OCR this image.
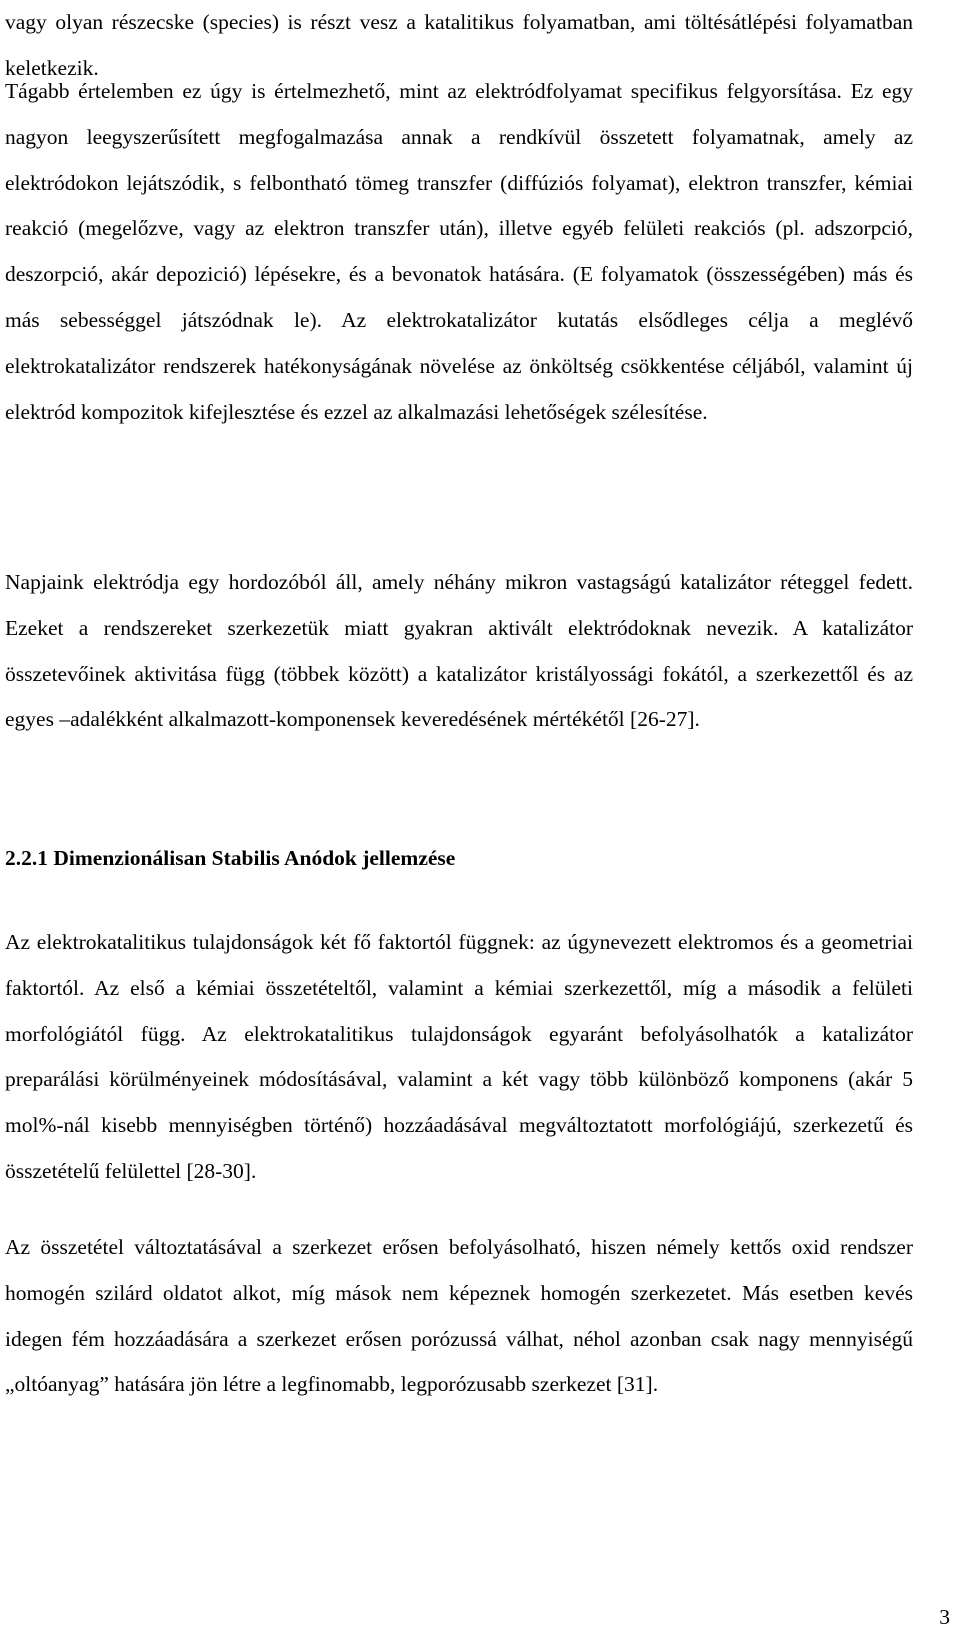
vagy olyan részecske (species) is részt vesz a katalitikus folyamatban, ami töltésátlépési folyamatban keletkezik.

Tágabb értelemben ez úgy is értelmezhető, mint az elektródfolyamat specifikus felgyorsítása. Ez egy nagyon leegyszerűsített megfogalmazása annak a rendkívül összetett folyamatnak, amely az elektródokon lejátszódik, s felbontható tömeg transzfer (diffúziós folyamat), elektron transzfer, kémiai reakció (megelőzve, vagy az elektron transzfer után), illetve egyéb felületi reakciós (pl. adszorpció, deszorpció, akár depozició) lépésekre, és a bevonatok hatására. (E folyamatok (összességében) más és más sebességgel játszódnak le). Az elektrokatalizátor kutatás elsődleges célja a meglévő elektrokatalizátor rendszerek hatékonyságának növelése az önköltség csökkentése céljából, valamint új elektród kompozitok kifejlesztése és ezzel az alkalmazási lehetőségek szélesítése.

Napjaink elektródja egy hordozóból áll, amely néhány mikron vastagságú katalizátor réteggel fedett. Ezeket a rendszereket szerkezetük miatt gyakran aktivált elektródoknak nevezik. A katalizátor összetevőinek aktivitása függ (többek között) a katalizátor kristályossági fokától, a szerkezettől és az egyes –adalékként alkalmazott-komponensek keveredésének mértékétől [26-27].

2.2.1 Dimenzionálisan Stabilis Anódok jellemzése

Az elektrokatalitikus tulajdonságok két fő faktortól függnek: az úgynevezett elektromos és a geometriai faktortól. Az első a kémiai összetételtől, valamint a kémiai szerkezettől, míg a második a felületi morfológiától függ. Az elektrokatalitikus tulajdonságok egyaránt befolyásolhatók a katalizátor preparálási körülményeinek módosításával, valamint a két vagy több különböző komponens (akár 5 mol%-nál kisebb mennyiségben történő) hozzáadásával megváltoztatott morfológiájú, szerkezetű és összetételű felülettel [28-30].

Az összetétel változtatásával a szerkezet erősen befolyásolható, hiszen némely kettős oxid rendszer homogén szilárd oldatot alkot, míg mások nem képeznek homogén szerkezetet. Más esetben kevés idegen fém hozzáadására a szerkezet erősen porózussá válhat, néhol azonban csak nagy mennyiségű „oltóanyag” hatására jön létre a legfinomabb, legporózusabb szerkezet [31].

3
